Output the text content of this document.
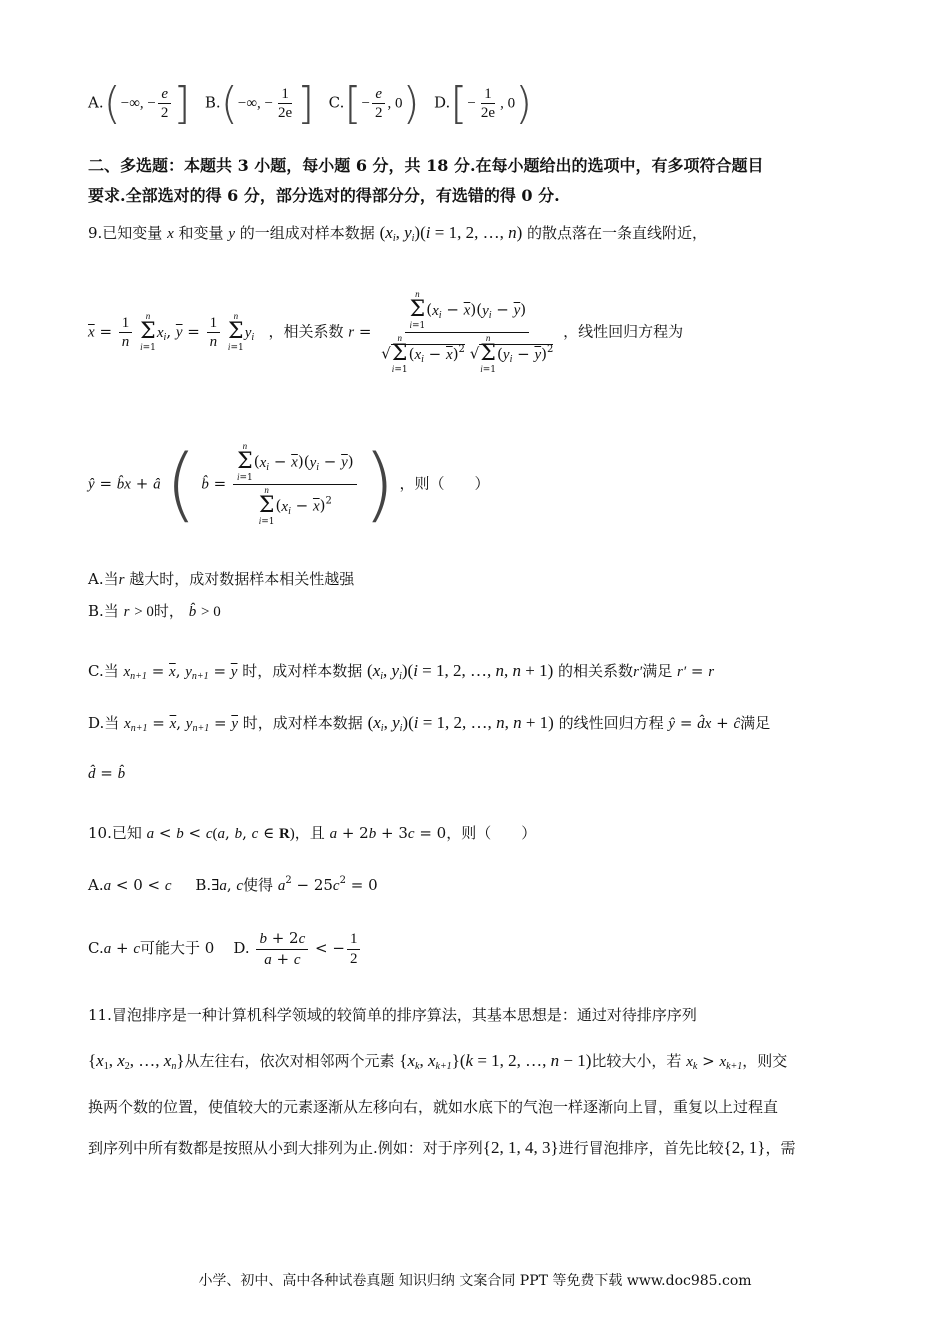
A.(−∞, − $\frac{e}{2}$ ] B.(−∞, − $\frac{1}{2e}$ ] $C.[- \frac{e}{2}$ , 0) $D.[- \frac{1}{2e}$ , 0)
二、多选题：本题共 3 小题，每小题 6 分，共 18 分.在每小题给出的选项中，有多项符合题目
要求.全部选对的得 6 分，部分选对的得部分分，有选错的得 0 分.
9.已知变量 x 和变量 y 的一组成对样本数据 ($x_i$, $y_i)(i = 1$, 2, …, n) 的散点落在一条直线附近，
$\overline{x} = \frac{1}{n}$
n
Σ
i=1
$x_i$, $\overline{y} = \frac{1}{n}$
n
Σ
i=1
$y_i$ ，相关系数 r = n
Σ
i=1
$(x_i - \overline{x})(y_i - \overline{y})$
√
n
Σ
i=1
$(x_i - \overline{x})^2$ √
n
Σ
i=1
$(y_i - \overline{y})^2$ ，线性回归方程为
ŷ = b̂x + â ( b̂ = n
Σ
i=1
$(x_i - \overline{x})(y_i - \overline{y})$
n
Σ
i=1
$(x_i - \overline{x})^2$ ) ，则（　　）
A.当r 越大时，成对数据样本相关性越强
B.当 r > 0时， b̂ > 0
C.当 $x_{n+1} = \overline{x}$, $y_{n+1} = \overline{y}$ 时，成对样本数据 ($x_i$, $y_i)(i = 1$, 2, …, n, n + 1) 的相关系数r′满足 r′ = r
D.当 $x_{n+1} = \overline{x}$, $y_{n+1} = \overline{y}$ 时，成对样本数据 ($x_i$, $y_i)(i = 1$, 2, …, n, n + 1) 的线性回归方程 ŷ = d̂x + ĉ满足
d̂ = b̂
10.已知 a < b < c(a, b, c ∈ R)，且 a + 2b + 3c = 0，则（　　）
A.a < 0 < c B.∃a, c使得 $a^2 - 25c^2 = 0$
C.a + c可能大于 0 D. $\frac{b + 2c}{a + c}$ < − $\frac{1}{2}$
11.冒泡排序是一种计算机科学领域的较简单的排序算法，其基本思想是：通过对待排序序列
{$x_1$, $x_2$, …, $x_n$}从左往右，依次对相邻两个元素 {$x_k$, $x_{k+1}\}(k = 1$, 2, …, n − 1)比较大小，若 $x_k > x_{k+1}$，则交
换两个数的位置，使值较大的元素逐渐从左移向右，就如水底下的气泡一样逐渐向上冒，重复以上过程直
到序列中所有数都是按照从小到大排列为止.例如：对于序列{2, 1, 4, 3}进行冒泡排序，首先比较{2, 1}，需
小学、初中、高中各种试卷真题 知识归纳 文案合同 PPT 等免费下载 www.doc985.com
